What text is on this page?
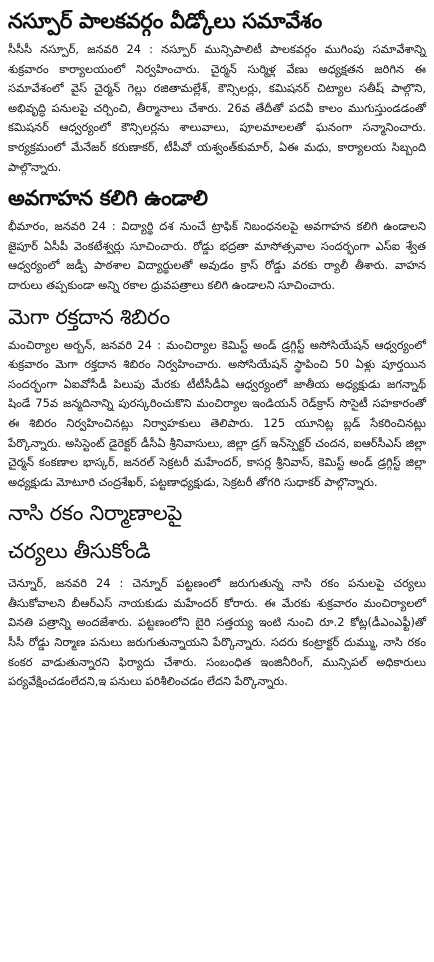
నస్పూర్ పాలకవర్గం వీడ్కోలు సమావేశం

సీసీసీ నస్పూర్, జనవరి 24 : నస్పూర్ మున్సిపాలిటీ పాలకవర్గం ముగింపు సమావేశాన్ని శుక్రవారం కార్యాలయంలో నిర్వహించారు. చైర్మన్ సుర్మిళ్ల వేణు అధ్యక్షతన జరిగిన ఈ సమావేశంలో వైస్ చైర్మన్ గెల్లు రజితామల్లేశ్, కౌన్సిలర్లు, కమిషనర్ చిట్యాల సతీష్ పాల్గొని, అభివృద్ధి పనులపై చర్చించి, తీర్మానాలు చేశారు. 26వ తేదీతో పదవీ కాలం ముగుస్తుండడంతో కమిషనర్ ఆధ్వర్యంలో కౌన్సిలర్లను శాలువాలు, పూలమాలలతో ఘనంగా సన్మానించారు. కార్యక్రమంలో మేనేజర్ కరుణాకర్, టీపీవో యశ్వంత్‌కుమార్, ఏఈ మధు, కార్యాలయ సిబ్బంది పాల్గొన్నారు.

అవగాహన కలిగి ఉండాలి

భీమారం, జనవరి 24 : విద్యార్థి దశ నుంచే ట్రాఫిక్ నిబంధనలపై అవగాహన కలిగి ఉండాలని జైపూర్ ఏసీపీ వెంకటేశ్వర్లు సూచించారు. రోడ్డు భద్రతా మాసోత్సవాల సందర్భంగా ఎస్ఐ శ్వేత ఆధ్వర్యంలో జడ్పీ పాఠశాల విద్యార్థులతో అవుడం క్రాస్ రోడ్డు వరకు ర్యాలీ తీశారు. వాహన దారులు తప్పకుండా అన్ని రకాల ధ్రువపత్రాలు కలిగి ఉండాలని సూచించారు.

మెగా రక్తదాన శిబిరం

మంచిర్యాల అర్బన్, జనవరి 24 : మంచిర్యాల కెమిస్ట్ అండ్ డ్రగ్గిస్ట్ అసోసియేషన్ ఆధ్వర్యంలో శుక్రవారం మెగా రక్తదాన శిబిరం నిర్వహించారు. అసోసియేషన్ స్థాపించి 50 ఏళ్లు పూర్తయిన సందర్భంగా ఏఐవోసీడీ పిలుపు మేరకు టీటీసీడీఏ ఆధ్వర్యంలో జాతీయ అధ్యక్షుడు జగన్నాథ్ షిండే 75వ జన్మదినాన్ని పురస్కరించుకొని మంచిర్యాల ఇండియన్ రెడ్‌క్రాస్ సొసైటీ సహకారంతో ఈ శిబిరం నిర్వహించినట్లు నిర్వాహకులు తెలిపారు. 125 యూనిట్ల బ్లడ్ సేకరించినట్లు పేర్కొన్నారు. అసిస్టెంట్ డైరెక్టర్ డీసీఏ శ్రీనివాసులు, జిల్లా డ్రగ్ ఇన్‌స్పెక్టర్ చందన, ఐఆర్‌సీఎస్ జిల్లా చైర్మన్ కంకణాల భాస్కర్, జనరల్ సెక్రటరీ మహేందర్, కాసర్ల శ్రీనివాస్, కెమిస్ట్ అండ్ డ్రగ్గిస్ట్ జిల్లా అధ్యక్షుడు మోటూరి చంద్రశేఖర్, పట్టణాధ్యక్షుడు, సెక్రటరీ తోగరి సుధాకర్ పాల్గొన్నారు.

నాసి రకం నిర్మాణాలపై
చర్యలు తీసుకోండి

చెన్నూర్, జనవరి 24 : చెన్నూర్ పట్టణంలో జరుగుతున్న నాసి రకం పనులపై చర్యలు తీసుకోవాలని బీఆర్ఎస్ నాయకుడు మహేందర్ కోరారు. ఈ మేరకు శుక్రవారం మంచిర్యాలలో వినతి పత్రాన్ని అందజేశారు. పట్టణంలోని బైరి సత్తయ్య ఇంటి నుంచి రూ.2 కోట్ల(డీఎంఎఫ్టీ)తో సీసీ రోడ్డు నిర్మాణ పనులు జరుగుతున్నాయని పేర్కొన్నారు. సదరు కంట్రాక్టర్ దుమ్ము, నాసి రకం కంకర వాడుతున్నారని ఫిర్యాదు చేశారు. సంబంధిత ఇంజినీరింగ్, మున్సిపల్ అధికారులు పర్యవేక్షించడంలేదని,ఇ పనులు పరిశీలించడం లేదని పేర్కొన్నారు.
